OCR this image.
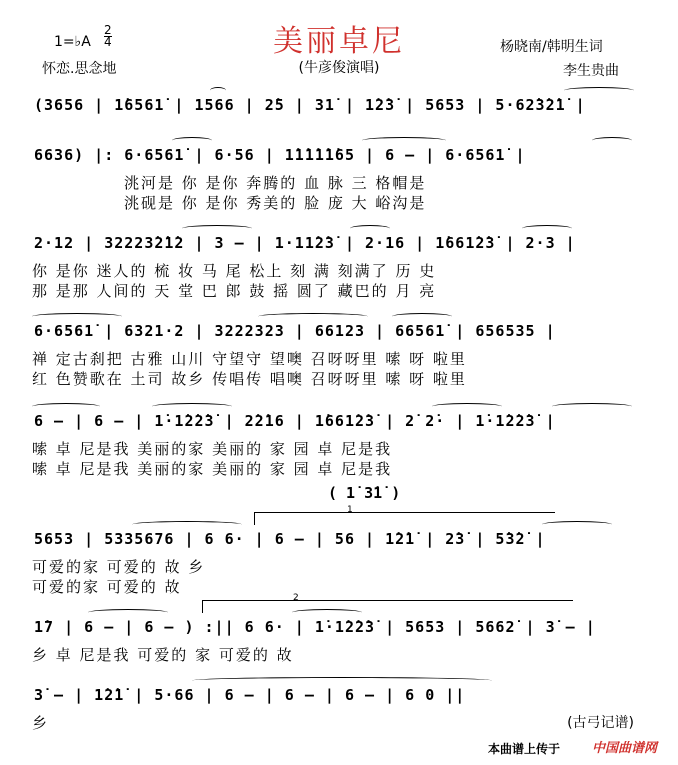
美丽卓尼
1=♭A
2
4
怀恋.思念地	(牛彦俊演唱)
杨晓南/韩明生词
李生贵曲
(3656 | 1̇6561̇ | 1566 | 2̇5 | 31̇ | 1̇2̇3̇ | 5653 | 5·62̇3̇2̇1̇ |
6636) |: 6·6561̇ | 6·56 | 1̇1̇1̇1̇1̇65 | 6 – | 6·6561̇ |
洮河是 你 是你 奔腾的 血 脉 三 格帽是
洮砚是 你 是你 秀美的 脸 庞 大 峪沟是
2·12 | 32223̇2̇1̇2 | 3 – | 1·11̇2̇3̇ | 2·16 | 1̇661̇2̇3̇ | 2·3 |
你 是你 迷人的 梳 妆 马 尾 松上 刻 满 刻满了 历 史
那 是那 人间的 天 堂 巴 郎 鼓 摇 圆了 藏巴的 月 亮
6·6561̇ | 6321·2 | 3222323 | 66123 | 66561̇ | 656535 |
禅 定古刹把 古雅 山川 守望守 望噢 召呀呀里 嗦 呀 啦里
红 色赞歌在 土司 故乡 传唱传 唱噢 召呀呀里 嗦 呀 啦里
6 – | 6 – | 1̇·1̇2̇2̇3̇ | 2̇2̇16 | 1̇661̇2̇3̇ | 2̇ 2̇· | 1̇·1̇2̇2̇3̇ |
嗦 卓 尼是我 美丽的家 美丽的 家 园 卓 尼是我
嗦 卓 尼是我 美丽的家 美丽的 家 园 卓 尼是我
( 1̇ 3̇1̇ )
1
5653 | 5335676 | 6 6· | 6 – | 56 | 1̇2̇1̇ | 2̇3̇ | 5̇3̇2̇ |
可爱的家 可爱的 故 乡
可爱的家 可爱的 故
2
1̇7 | 6 – | 6 – ) :|| 6 6· | 1̇·1̇2̇2̇3̇ | 5653 | 5662̇ | 3̇ – |
乡 卓 尼是我 可爱的 家 可爱的 故
3̇ – | 1̇2̇1̇ | 5·66 | 6 – | 6 – | 6 – | 6 0 ||
乡	(古弓记谱)
本曲谱上传于 中国曲谱网
